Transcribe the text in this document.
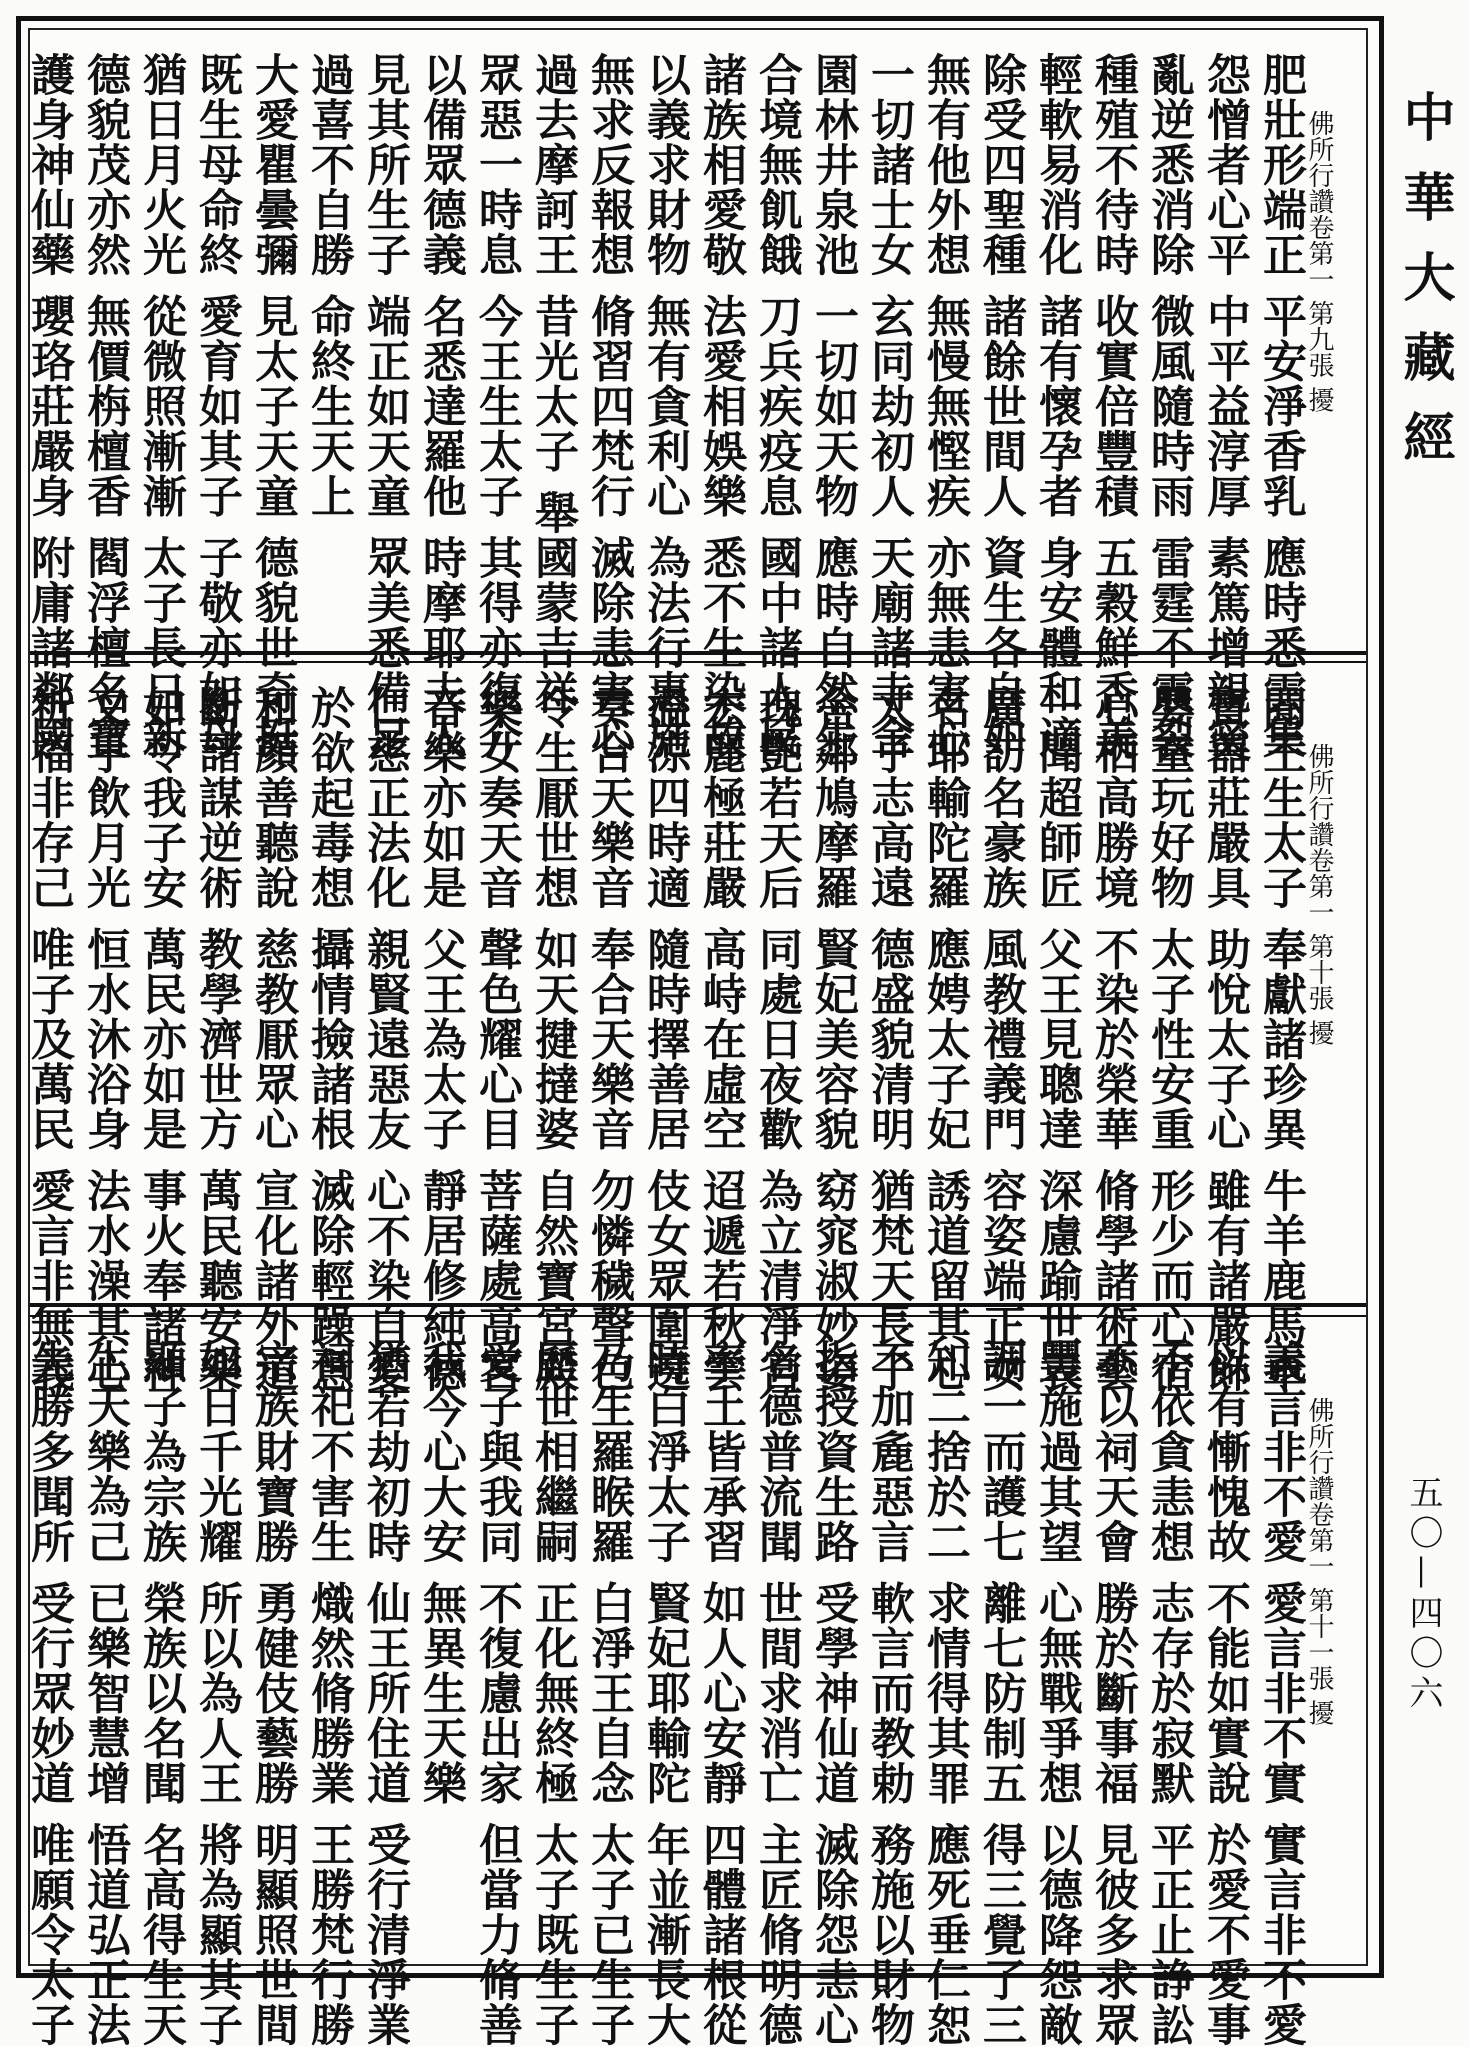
佛所行讚卷第一 第九張 擾
肥壯形端正 平安淨香乳 應時悉雲集
怨憎者心平 中平益淳厚 素篤增親密
亂逆悉消除 微風隨時雨 雷霆不震裂
種殖不待時 收實倍豐積 五穀鮮香美
輕軟易消化 諸有懷孕者 身安體和適
除受四聖種 諸餘世間人 資生各自如
無有他外想 無慢無慳疾 亦無恚害心
一切諸士女 玄同劫初人 天廟諸寺舍
園林井泉池 一切如天物 應時自然生
合境無飢餓 刀兵疾疫息 國中諸人民
諸族相愛敬 法愛相娛樂 悉不生染故
以義求財物 無有貪利心 為法行惠施
無求反報想 脩習四梵行 滅除恚害心
過去摩訶王 昔光太子 舉國蒙吉祥
眾惡一時息 今王生太子 其得亦復介
以備眾德義 名悉達羅他 時摩耶夫人
見其所生子 端正如天童 眾美悉備足
過喜不自勝 命終生天上
大愛瞿曇彌 見太子天童 德貌世奇挺
既生母命終 愛育如其子 子敬亦如母
猶日月火光 從微照漸漸 太子長日新
德貌茂亦然 無價栴檀香 閻浮檀名寶
護身神仙藥 瓔珞莊嚴身 附庸諸鄰國
佛所行讚卷第一 第十張 擾
聞王生太子 奉獻諸珍異 牛羊鹿馬車
寶器莊嚴具 助悅太子心 雖有諸嚴飾
嬰童玩好物 太子性安重 形少而心宿
心栖高勝境 不染於榮華 脩學諸術藝
一聞超師匠 父王見聰達 深慮踰世表
廣訪名豪族 風教禮義門 容姿端正女
名耶輸陀羅 應娉太子妃 誘道留其心
太子志高遠 德盛貌清明 猶梵天長子
舍鄰鳩摩羅 賢妃美容貌 窈窕淑妙姿
瑰艷若天后 同處日夜歡 為立清淨宮
宏麗極莊嚴 高峙在虛空 迢遞若秋雲
溫涼四時適 隨時擇善居 伎女眾圍遶
奏合天樂音 奉合天樂音 勿憐穢聲色
令生厭世想 如天揵撻婆 自然寶宮殿
樂女奏天音 聲色耀心目 菩薩處高宮
音樂亦如是 父王為太子 靜居修純德
仁慈正法化 親賢遠惡友 心不染自愛
於欲起毒想 攝情撿諸根 滅除輕躁意
和顏善聽說 慈教厭眾心 宣化諸外道
斷諸謀逆術 教學濟世方 萬民聽安樂
如令我子安 萬民亦如是 事火奉諸神
叉手飲月光 恒水沐浴身 法水澡其心
祈福非存己 唯子及萬民 愛言非無義
佛所行讚卷第一 第十一張 擾
義言非不愛 愛言非不實 實言非不愛
以有慚愧故 不能如實說 於愛不愛事
不依貪恚想 志存於寂默 平正止諍訟
不以祠天會 勝於斷事福 見彼多求眾
豐施過其望 心無戰爭想 以德降怨敵
調一而護七 離七防制五 得三覺了三
知二捨於二 求情得其罪 應死垂仁恕
不加麁惡言 軟言而教勅 務施以財物
指授資生路 受學神仙道 滅除怨恚心
名德普流聞 世間求消亡 主匠脩明德
率土皆承習 如人心安靜 四體諸根從
時白淨太子 賢妃耶輸陀 年並漸長大
乃生羅睺羅 白淨王自念 太子已生子
歷世相繼嗣 正化無終極 太子既生子
愛子與我同 不復慮出家 但當力脩善
我今心大安 無異生天樂
猶若劫初時 仙王所住道 受行清淨業
祠祀不害生 熾然脩勝業 王勝梵行勝
宗族財寶勝 勇健伎藝勝 明顯照世間
如日千光耀 所以為人王 將為顯其子
顯子為宗族 榮族以名聞 名高得生天
生天樂為己 已樂智慧增 悟道弘正法
先勝多聞所 受行眾妙道 唯願令太子
中華大藏經
五〇—四〇六
